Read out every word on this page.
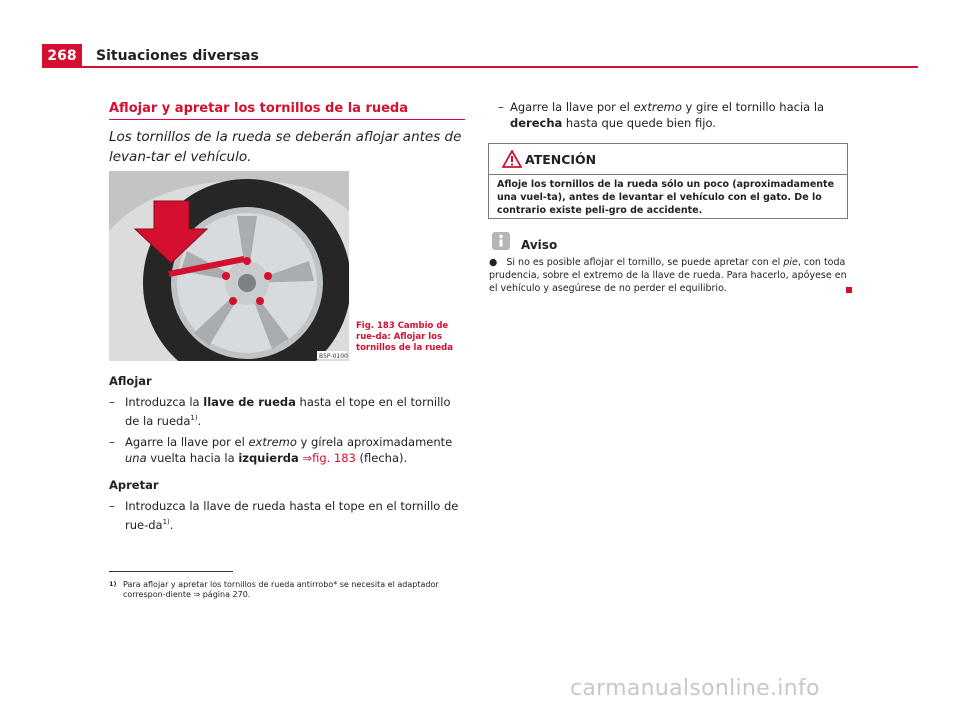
268	Situaciones diversas
Aflojar y apretar los tornillos de la rueda
Los tornillos de la rueda se deberán aflojar antes de levan-tar el vehículo.
B5P-0100
Fig. 183 Cambio de rue-da: Aflojar los tornillos de la rueda
Aflojar
– Introduzca la llave de rueda hasta el tope en el tornillo de la rueda$^{1)}$.
– Agarre la llave por el extremo y gírela aproximadamente una vuelta hacia la izquierda ⇒fig. 183 (flecha).
Apretar
– Introduzca la llave de rueda hasta el tope en el tornillo de rue-$da^{1)}$.
– Agarre la llave por el extremo y gire el tornillo hacia la derecha hasta que quede bien fijo.
ATENCIÓN
Afloje los tornillos de la rueda sólo un poco (aproximadamente una vuel-ta), antes de levantar el vehículo con el gato. De lo contrario existe peli-gro de accidente.
Aviso
● Si no es posible aflojar el tornillo, se puede apretar con el pie, con toda prudencia, sobre el extremo de la llave de rueda. Para hacerlo, apóyese en el vehículo y asegúrese de no perder el equilibrio.
1) Para aflojar y apretar los tornillos de rueda antirrobo* se necesita el adaptador correspon-diente ⇒ página 270.
carmanualsonline.info
